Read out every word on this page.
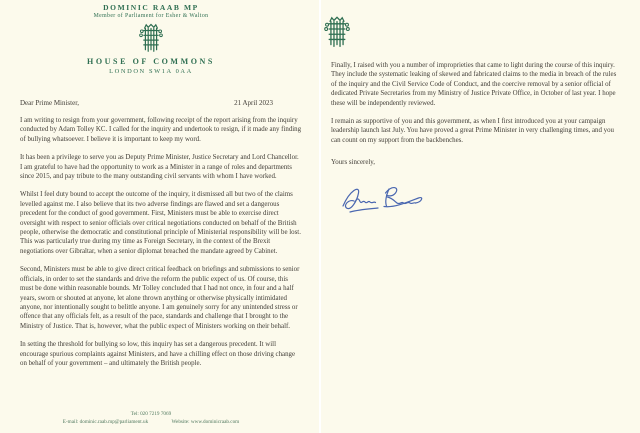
DOMINIC RAAB MP
Member of Parliament for Esher & Walton
HOUSE OF COMMONS
LONDON SW1A 0AA
Dear Prime Minister,	21 April 2023

I am writing to resign from your government, following receipt of the report arising from the inquiry conducted by Adam Tolley KC. I called for the inquiry and undertook to resign, if it made any finding of bullying whatsoever. I believe it is important to keep my word.

It has been a privilege to serve you as Deputy Prime Minister, Justice Secretary and Lord Chancellor. I am grateful to have had the opportunity to work as a Minister in a range of roles and departments since 2015, and pay tribute to the many outstanding civil servants with whom I have worked.

Whilst I feel duty bound to accept the outcome of the inquiry, it dismissed all but two of the claims levelled against me. I also believe that its two adverse findings are flawed and set a dangerous precedent for the conduct of good government. First, Ministers must be able to exercise direct oversight with respect to senior officials over critical negotiations conducted on behalf of the British people, otherwise the democratic and constitutional principle of Ministerial responsibility will be lost. This was particularly true during my time as Foreign Secretary, in the context of the Brexit negotiations over Gibraltar, when a senior diplomat breached the mandate agreed by Cabinet.

Second, Ministers must be able to give direct critical feedback on briefings and submissions to senior officials, in order to set the standards and drive the reform the public expect of us. Of course, this must be done within reasonable bounds. Mr Tolley concluded that I had not once, in four and a half years, sworn or shouted at anyone, let alone thrown anything or otherwise physically intimidated anyone, nor intentionally sought to belittle anyone. I am genuinely sorry for any unintended stress or offence that any officials felt, as a result of the pace, standards and challenge that I brought to the Ministry of Justice. That is, however, what the public expect of Ministers working on their behalf.

In setting the threshold for bullying so low, this inquiry has set a dangerous precedent. It will encourage spurious complaints against Ministers, and have a chilling effect on those driving change on behalf of your government – and ultimately the British people.

Tel: 020 7219 7069
E-mail: dominic.raab.mp@parliament.uk	Website: www.dominicraab.com

Finally, I raised with you a number of improprieties that came to light during the course of this inquiry. They include the systematic leaking of skewed and fabricated claims to the media in breach of the rules of the inquiry and the Civil Service Code of Conduct, and the coercive removal by a senior official of dedicated Private Secretaries from my Ministry of Justice Private Office, in October of last year. I hope these will be independently reviewed.

I remain as supportive of you and this government, as when I first introduced you at your campaign leadership launch last July. You have proved a great Prime Minister in very challenging times, and you can count on my support from the backbenches.

Yours sincerely,
